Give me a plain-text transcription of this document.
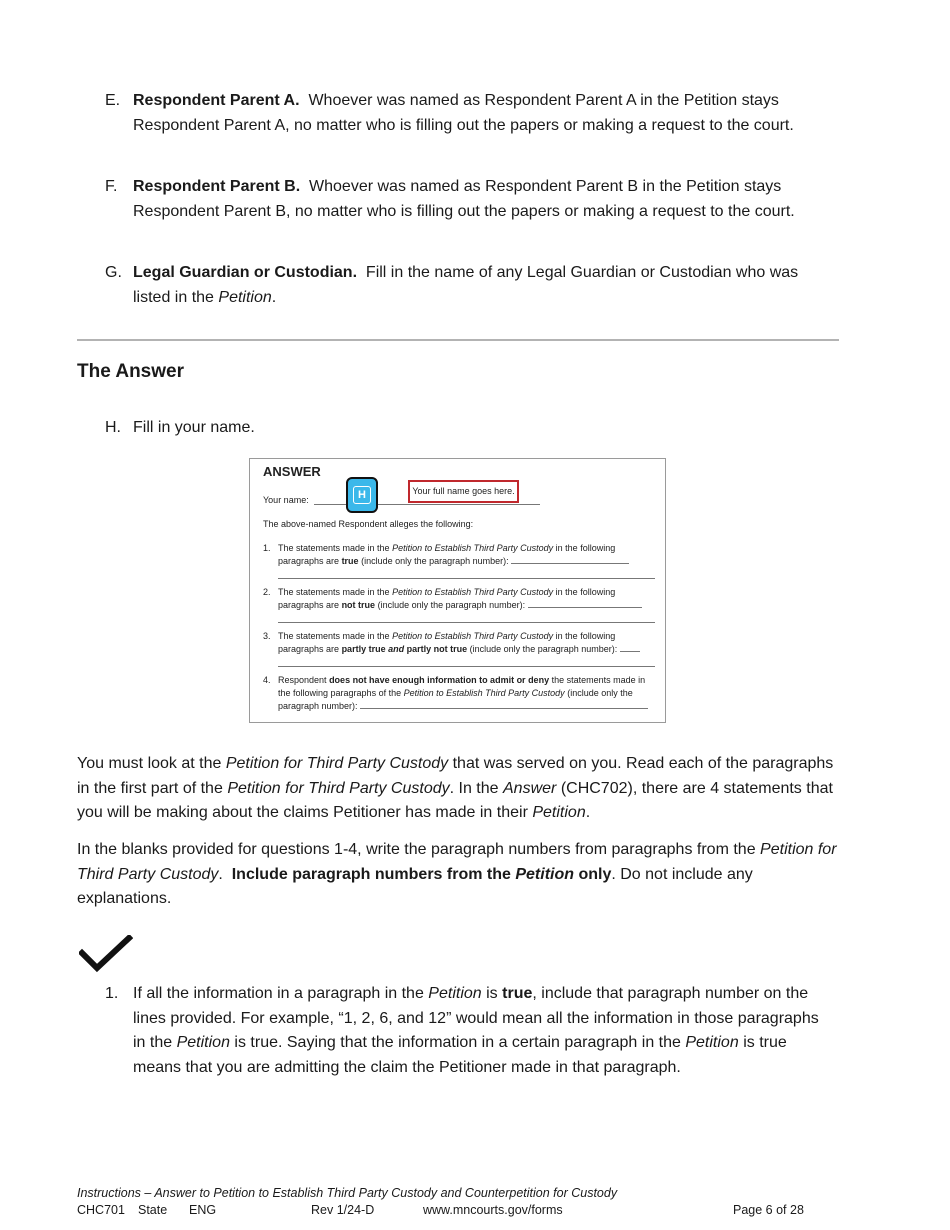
E. Respondent Parent A. Whoever was named as Respondent Parent A in the Petition stays Respondent Parent A, no matter who is filling out the papers or making a request to the court.
F. Respondent Parent B. Whoever was named as Respondent Parent B in the Petition stays Respondent Parent B, no matter who is filling out the papers or making a request to the court.
G. Legal Guardian or Custodian. Fill in the name of any Legal Guardian or Custodian who was listed in the Petition.
The Answer
H. Fill in your name.
ANSWER
Your name:	H	Your full name goes here.
The above-named Respondent alleges the following:
1. The statements made in the Petition to Establish Third Party Custody in the following paragraphs are true (include only the paragraph number):
2. The statements made in the Petition to Establish Third Party Custody in the following paragraphs are not true (include only the paragraph number):
3. The statements made in the Petition to Establish Third Party Custody in the following paragraphs are partly true and partly not true (include only the paragraph number):
4. Respondent does not have enough information to admit or deny the statements made in the following paragraphs of the Petition to Establish Third Party Custody (include only the paragraph number):
You must look at the Petition for Third Party Custody that was served on you. Read each of the paragraphs in the first part of the Petition for Third Party Custody. In the Answer (CHC702), there are 4 statements that you will be making about the claims Petitioner has made in their Petition.
In the blanks provided for questions 1-4, write the paragraph numbers from paragraphs from the Petition for Third Party Custody. Include paragraph numbers from the Petition only. Do not include any explanations.
1. If all the information in a paragraph in the Petition is true, include that paragraph number on the lines provided. For example, “1, 2, 6, and 12” would mean all the information in those paragraphs in the Petition is true. Saying that the information in a certain paragraph in the Petition is true means that you are admitting the claim the Petitioner made in that paragraph.
Instructions – Answer to Petition to Establish Third Party Custody and Counterpetition for Custody
CHC701 State ENG	Rev 1/24-D	www.mncourts.gov/forms	Page 6 of 28
